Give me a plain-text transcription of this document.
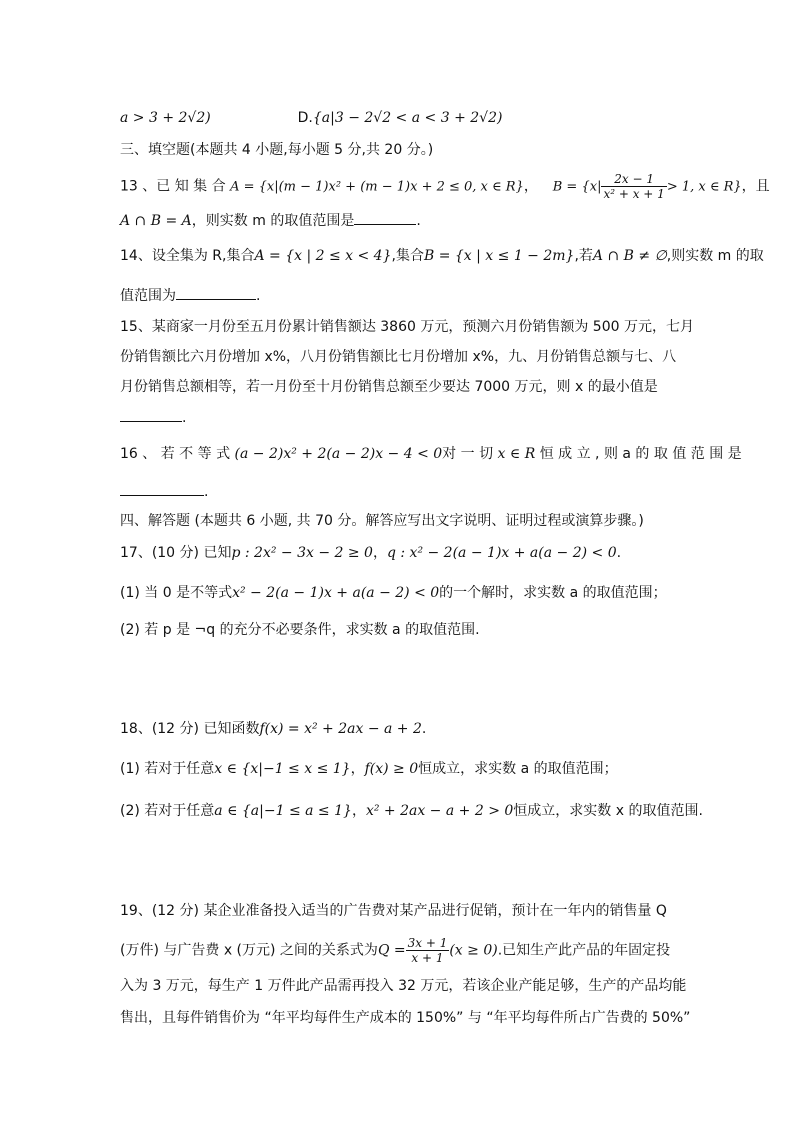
a > 3 + 2√2)	D.{a|3 − 2√2 < a < 3 + 2√2)
三、填空题(本题共 4 小题,每小题 5 分,共 20 分。)
13 、已 知 集 合 A = {x|(m − 1)x² + (m − 1)x + 2 ≤ 0, x ∈ R}， $B = \{x| \frac{2x - 1}{\text{x² + x + 1}} > 1$, x ∈ R}，且
A ∩ B = A，则实数 m 的取值范围是	.
14、设全集为 R,集合A = {x | 2 ≤ x < 4},集合B = {x | x ≤ 1 − 2m},若A ∩ B ≠ ∅,则实数 m 的取
值范围为	.
15、某商家一月份至五月份累计销售额达 3860 万元，预测六月份销售额为 500 万元，七月
份销售额比六月份增加 x%，八月份销售额比七月份增加 x%，九、月份销售总额与七、八
月份销售总额相等，若一月份至十月份销售总额至少要达 7000 万元，则 x 的最小值是
.
16 、 若 不 等 式 (a − 2)x² + 2(a − 2)x − 4 < 0对 一 切 x ∈ R 恒 成 立 , 则 a 的 取 值 范 围 是
.
四、解答题 (本题共 6 小题, 共 70 分。解答应写出文字说明、证明过程或演算步骤。)
17、(10 分) 已知p : 2x² − 3x − 2 ≥ 0，q : x² − 2(a − 1)x + a(a − 2) < 0.
(1) 当 0 是不等式x² − 2(a − 1)x + a(a − 2) < 0的一个解时，求实数 a 的取值范围；
(2) 若 p 是 ¬q 的充分不必要条件，求实数 a 的取值范围.
18、(12 分) 已知函数f(x) = x² + 2ax − a + 2.
(1) 若对于任意x ∈ {x|−1 ≤ x ≤ 1}，f(x) ≥ 0恒成立，求实数 a 的取值范围；
(2) 若对于任意a ∈ {a|−1 ≤ a ≤ 1}，x² + 2ax − a + 2 > 0恒成立，求实数 x 的取值范围.
19、(12 分) 某企业准备投入适当的广告费对某产品进行促销，预计在一年内的销售量 Q
(万件) 与广告费 x (万元) 之间的关系式为$Q = \frac{3x + 1}{x + 1} (x \ge 0)$.已知生产此产品的年固定投
入为 3 万元，每生产 1 万件此产品需再投入 32 万元，若该企业产能足够，生产的产品均能
售出，且每件销售价为 “年平均每件生产成本的 150%” 与 “年平均每件所占广告费的 50%”
